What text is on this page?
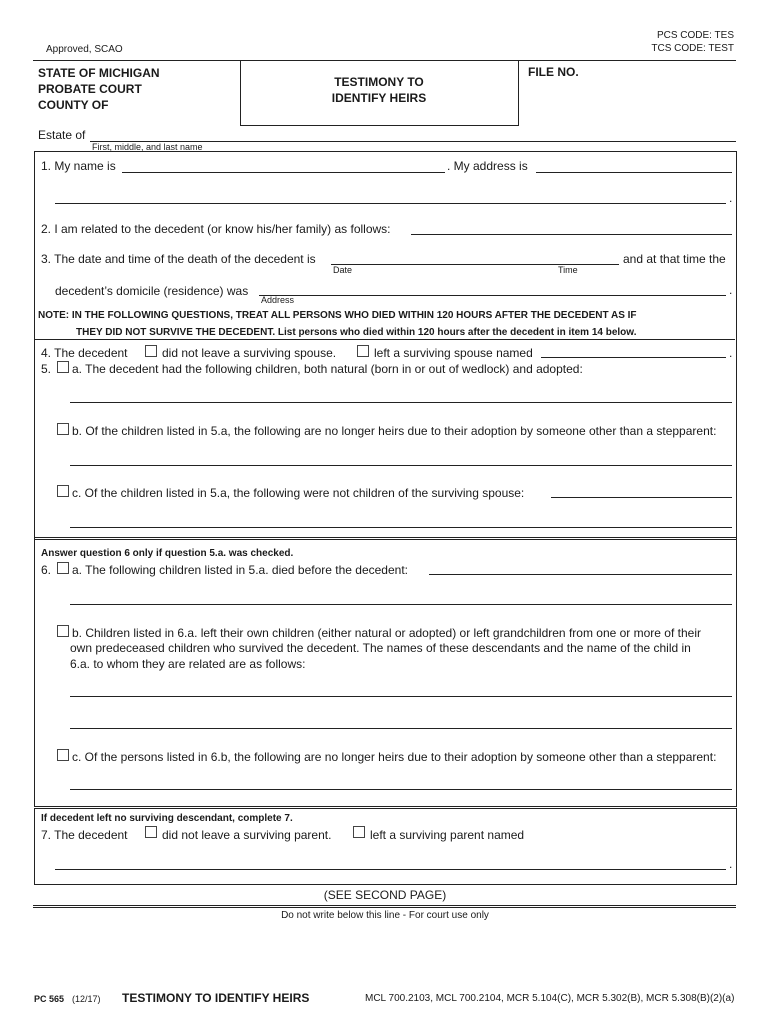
PCS CODE: TES
TCS CODE: TEST
Approved, SCAO
STATE OF MICHIGAN
PROBATE COURT
COUNTY OF
TESTIMONY TO
IDENTIFY HEIRS
FILE NO.
Estate of
First, middle, and last name
1. My name is	. My address is
.
2. I am related to the decedent (or know his/her family) as follows:
3. The date and time of the death of the decedent is
Date	Time
and at that time the
decedent’s domicile (residence) was
Address
.
NOTE: IN THE FOLLOWING QUESTIONS, TREAT ALL PERSONS WHO DIED WITHIN 120 HOURS AFTER THE DECEDENT AS IF
THEY DID NOT SURVIVE THE DECEDENT. List persons who died within 120 hours after the decedent in item 14 below.
4. The decedent	did not leave a surviving spouse.	left a surviving spouse named	.
5. a. The decedent had the following children, both natural (born in or out of wedlock) and adopted:
b. Of the children listed in 5.a, the following are no longer heirs due to their adoption by someone other than a stepparent:
c. Of the children listed in 5.a, the following were not children of the surviving spouse:
Answer question 6 only if question 5.a. was checked.
6. a. The following children listed in 5.a. died before the decedent:
b. Children listed in 6.a. left their own children (either natural or adopted) or left grandchildren from one or more of their
own predeceased children who survived the decedent. The names of these descendants and the name of the child in
6.a. to whom they are related are as follows:
c. Of the persons listed in 6.b, the following are no longer heirs due to their adoption by someone other than a stepparent:
If decedent left no surviving descendant, complete 7.
7. The decedent	did not leave a surviving parent.	left a surviving parent named
.
(SEE SECOND PAGE)
Do not write below this line - For court use only
PC 565 (12/17) TESTIMONY TO IDENTIFY HEIRS	MCL 700.2103, MCL 700.2104, MCR 5.104(C), MCR 5.302(B), MCR 5.308(B)(2)(a)
